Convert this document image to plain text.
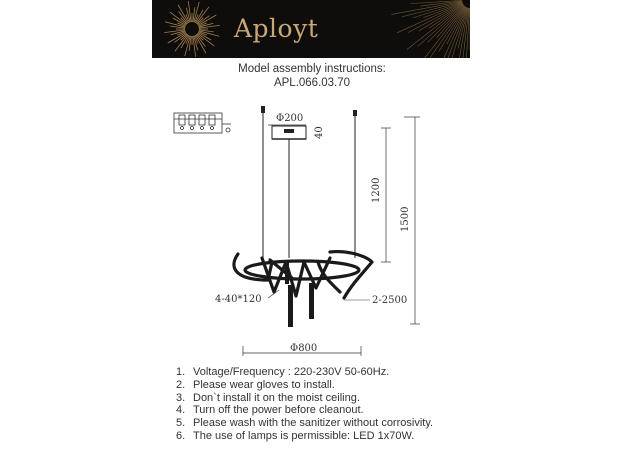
Aployt
Model assembly instructions:
APL.066.03.70
Φ200
40
1200
1500
4-40*120	2-2500
Φ800
1. Voltage/Frequency : 220-230V 50-60Hz.
2. Please wear gloves to install.
3. Don`t install it on the moist ceiling.
4. Turn off the power before cleanout.
5. Please wash with the sanitizer without corrosivity.
6. The use of lamps is permissible: LED 1x70W.
